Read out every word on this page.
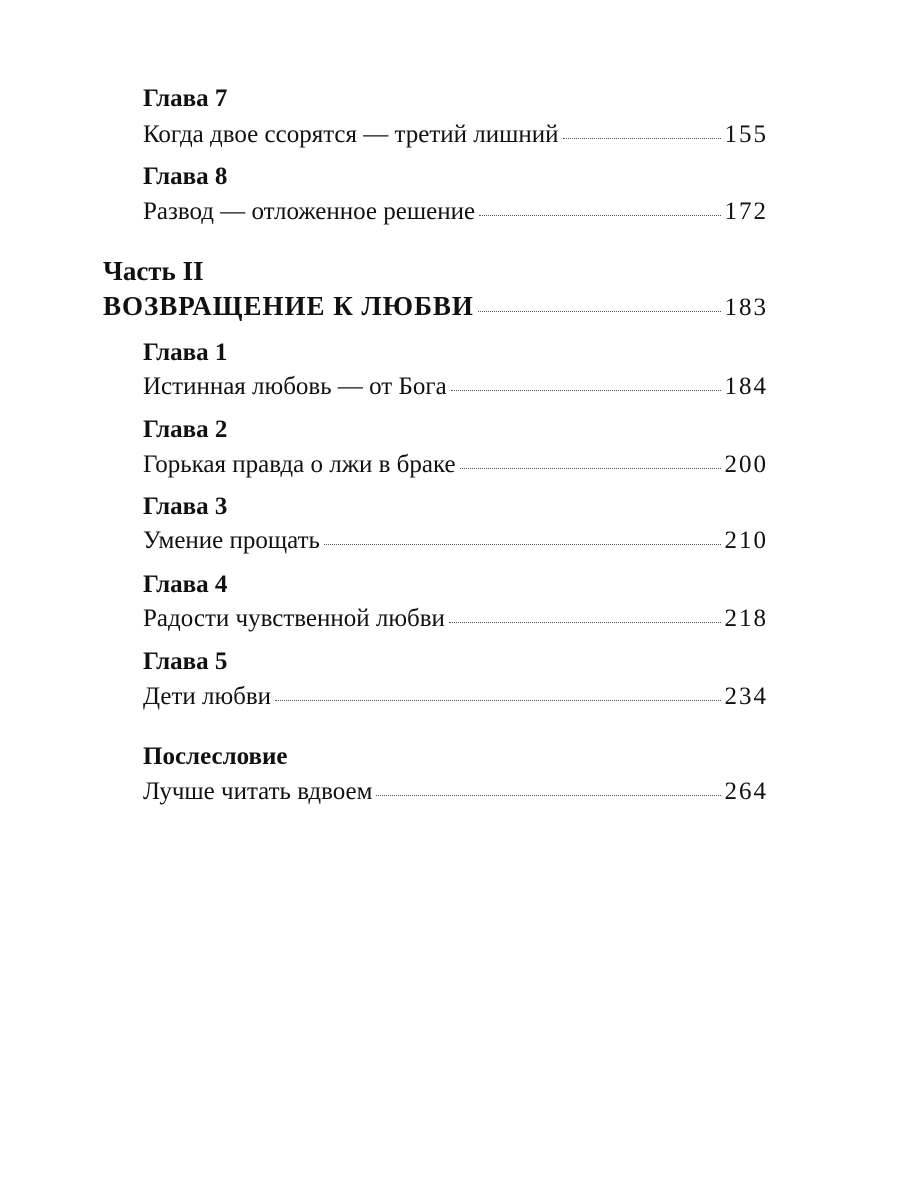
Глава 7
Когда двое ссорятся — третий лишний	155
Глава 8
Развод — отложенное решение	172
Часть II
ВОЗВРАЩЕНИЕ К ЛЮБВИ	183
Глава 1
Истинная любовь — от Бога	184
Глава 2
Горькая правда о лжи в браке	200
Глава 3
Умение прощать	210
Глава 4
Радости чувственной любви	218
Глава 5
Дети любви	234
Послесловие
Лучше читать вдвоем	264
